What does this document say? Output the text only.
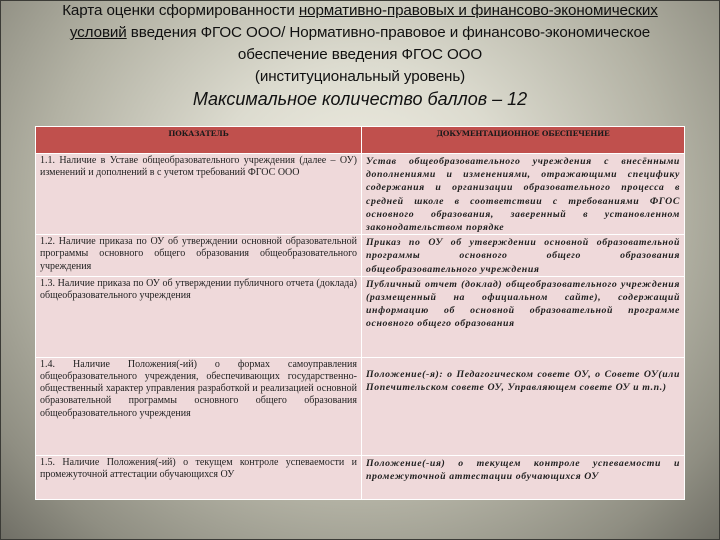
Карта оценки сформированности нормативно-правовых и финансово-экономических условий введения ФГОС ООО/ Нормативно-правовое и финансово-экономическое обеспечение введения ФГОС ООО
(институциональный уровень)
Максимальное количество баллов – 12
ПОКАЗАТЕЛЬ	ДОКУМЕНТАЦИОННОЕ ОБЕСПЕЧЕНИЕ
1.1. Наличие в Уставе общеобразовательного учреждения (далее – ОУ) изменений и дополнений в с учетом требований ФГОС ООО	Устав общеобразовательного учреждения с внесёнными дополнениями и изменениями, отражающими специфику содержания и организации образовательного процесса в средней школе в соответствии с требованиями ФГОС основного образования, заверенный в установленном законодательством порядке
1.2. Наличие приказа по ОУ об утверждении основной образовательной программы основного общего образования общеобразовательного учреждения	Приказ по ОУ об утверждении основной образовательной программы основного общего образования общеобразовательного учреждения
1.3. Наличие приказа по ОУ об утверждении публичного отчета (доклада) общеобразовательного учреждения	Публичный отчет (доклад) общеобразовательного учреждения (размещенный на официальном сайте), содержащий информацию об основной образовательной программе основного общего образования
1.4. Наличие Положения(-ий) о формах самоуправления общеобразовательного учреждения, обеспечивающих государственно-общественный характер управления разработкой и реализацией основной образовательной программы основного общего образования общеобразовательного учреждения	Положение(-я): о Педагогическом совете ОУ, о Совете ОУ(или Попечительском совете ОУ, Управляющем совете ОУ и т.п.)
1.5. Наличие Положения(-ий) о текущем контроле успеваемости и промежуточной аттестации обучающихся ОУ	Положение(-ия) о текущем контроле успеваемости и промежуточной аттестации обучающихся ОУ
